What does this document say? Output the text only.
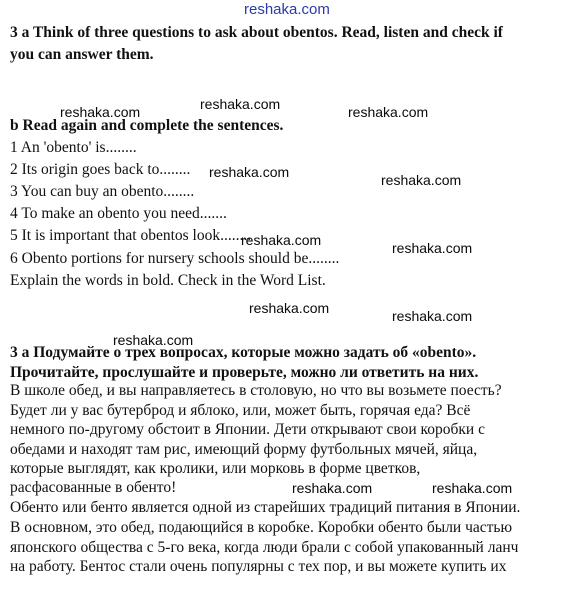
reshaka.com
reshaka.com	reshaka.com	reshaka.com
reshaka.com	reshaka.com
reshaka.com	reshaka.com
reshaka.com	reshaka.com
reshaka.com
reshaka.com	reshaka.com
3 a Think of three questions to ask about obentos. Read, listen and check if
you can answer them.
b Read again and complete the sentences.
1 An 'obento' is........
2 Its origin goes back to........
3 You can buy an obento........
4 To make an obento you need.......
5 It is important that obentos look........
6 Obento portions for nursery schools should be........
Explain the words in bold. Check in the Word List.
3 а Подумайте о трех вопросах, которые можно задать об «obento».
Прочитайте, прослушайте и проверьте, можно ли ответить на них.
В школе обед, и вы направляетесь в столовую, но что вы возьмете поесть?
Будет ли у вас бутерброд и яблоко, или, может быть, горячая еда? Всё
немного по-другому обстоит в Японии. Дети открывают свои коробки с
обедами и находят там рис, имеющий форму футбольных мячей, яйца,
которые выглядят, как кролики, или морковь в форме цветков,
расфасованные в обенто!
Обенто или бенто является одной из старейших традиций питания в Японии.
В основном, это обед, подающийся в коробке. Коробки обенто были частью
японского общества с 5-го века, когда люди брали с собой упакованный ланч
на работу. Бентос стали очень популярны с тех пор, и вы можете купить их
